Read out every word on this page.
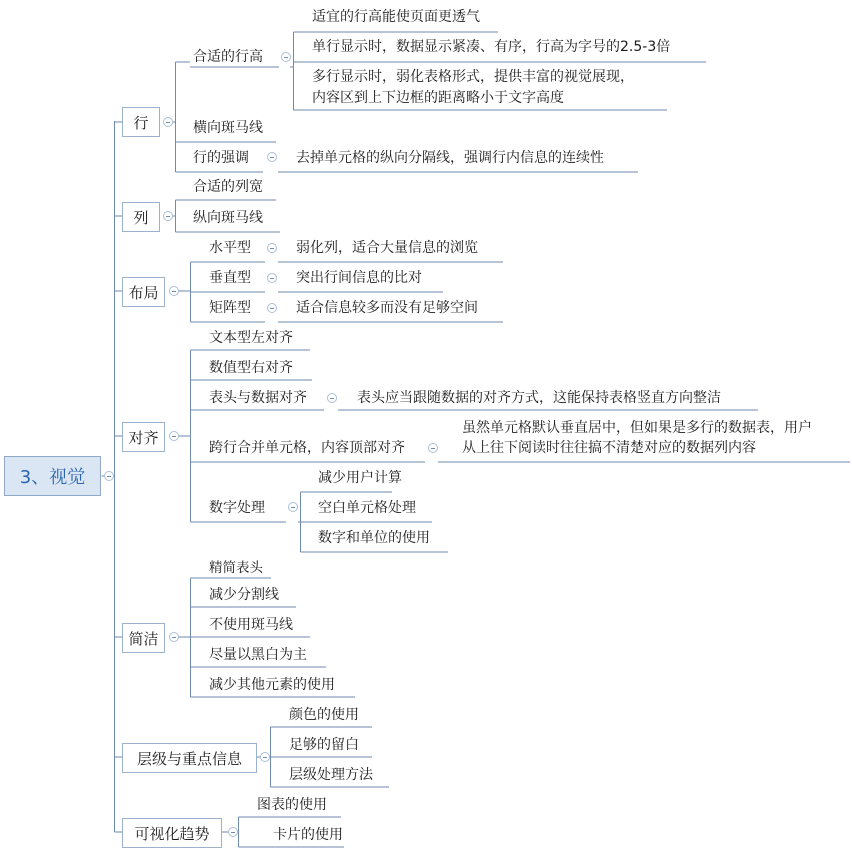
3、视觉
行
合适的行高
适宜的行高能使页面更透气
单行显示时，数据显示紧凑、有序，行高为字号的2.5-3倍
多行显示时，弱化表格形式，提供丰富的视觉展现，
内容区到上下边框的距离略小于文字高度
横向斑马线
行的强调	去掉单元格的纵向分隔线，强调行内信息的连续性
列
合适的列宽
纵向斑马线
布局
水平型	弱化列，适合大量信息的浏览
垂直型	突出行间信息的比对
矩阵型	适合信息较多而没有足够空间
对齐
文本型左对齐
数值型右对齐
表头与数据对齐	表头应当跟随数据的对齐方式，这能保持表格竖直方向整洁
跨行合并单元格，内容顶部对齐
虽然单元格默认垂直居中，但如果是多行的数据表，用户
从上往下阅读时往往搞不清楚对应的数据列内容
数字处理
减少用户计算
空白单元格处理
数字和单位的使用
简洁
精简表头
减少分割线
不使用斑马线
尽量以黑白为主
减少其他元素的使用
层级与重点信息
颜色的使用
足够的留白
层级处理方法
可视化趋势
图表的使用
卡片的使用
